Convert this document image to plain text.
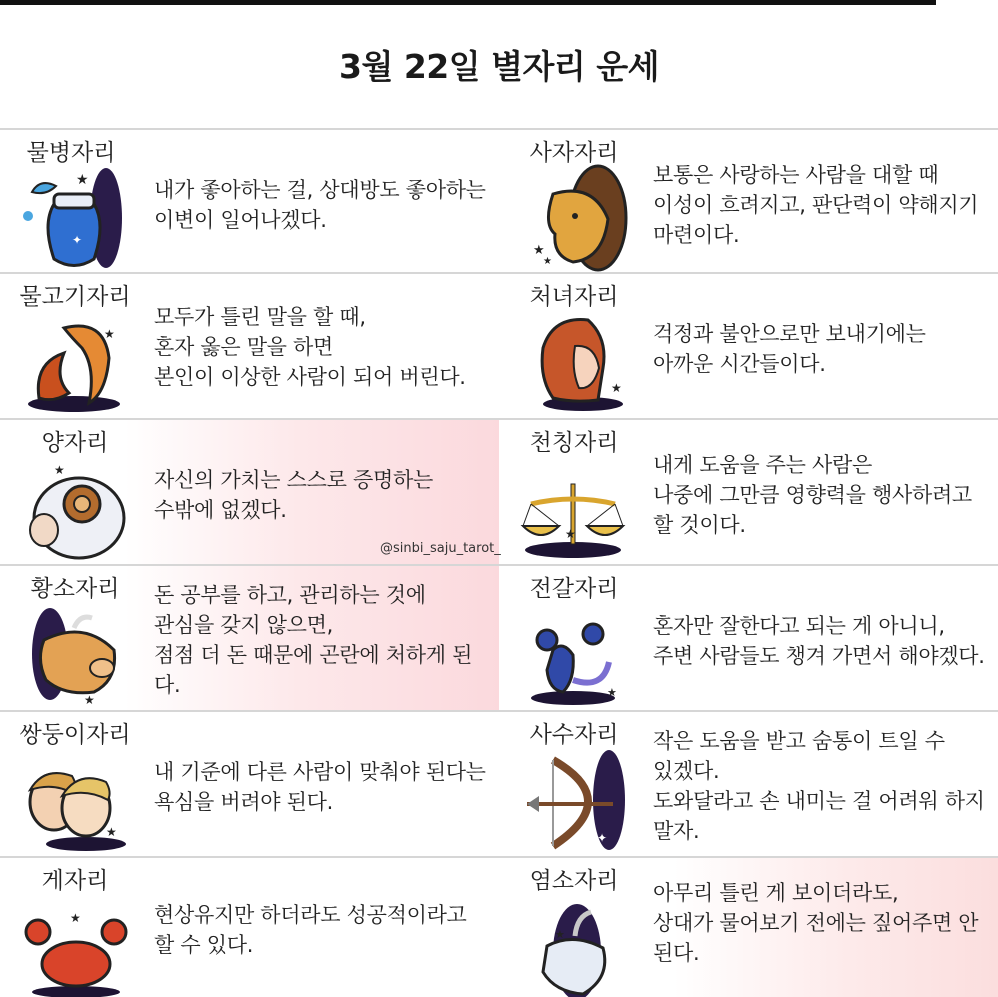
3월 22일 별자리 운세
물병자리
★
✦
내가 좋아하는 걸, 상대방도 좋아하는
이변이 일어나겠다.
사자자리
★
★
보통은 사랑하는 사람을 대할 때
이성이 흐려지고, 판단력이 약해지기
마련이다.
물고기자리
★
모두가 틀린 말을 할 때,
혼자 옳은 말을 하면
본인이 이상한 사람이 되어 버린다.
처녀자리
★
걱정과 불안으로만 보내기에는
아까운 시간들이다.
양자리
★	자신의 가치는 스스로 증명하는
수밖에 없겠다.
천칭자리
★
내게 도움을 주는 사람은
나중에 그만큼 영향력을 행사하려고
할 것이다.
황소자리
★
돈 공부를 하고, 관리하는 것에
관심을 갖지 않으면,
점점 더 돈 때문에 곤란에 처하게 된
다.
전갈자리
★
혼자만 잘한다고 되는 게 아니니,
주변 사람들도 챙겨 가면서 해야겠다.
쌍둥이자리
★
내 기준에 다른 사람이 맞춰야 된다는
욕심을 버려야 된다.
사수자리
✦
작은 도움을 받고 숨통이 트일 수
있겠다.
도와달라고 손 내미는 걸 어려워 하지
말자.
게자리
★	현상유지만 하더라도 성공적이라고
할 수 있다.
염소자리
★
아무리 틀린 게 보이더라도,
상대가 물어보기 전에는 짚어주면 안
된다.
@sinbi_saju_tarot_
